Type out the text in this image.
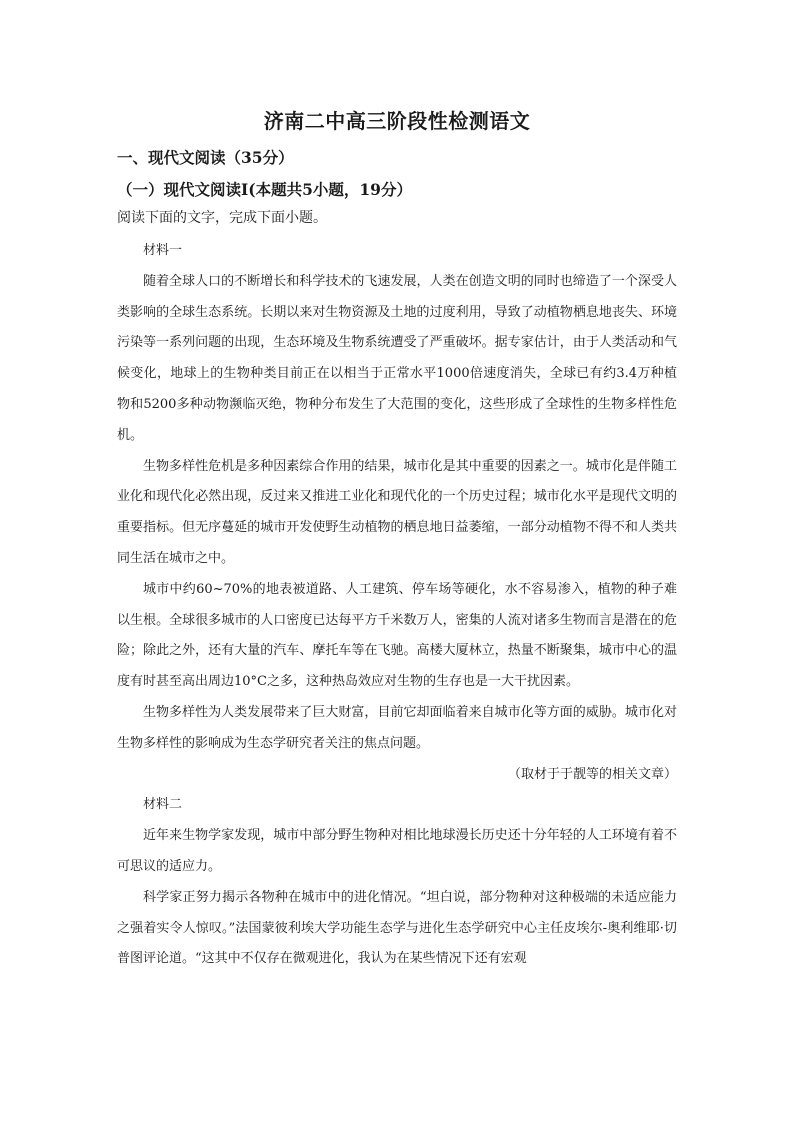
济南二中高三阶段性检测语文
一、现代文阅读（35分）
（一）现代文阅读Ⅰ(本题共5小题，19分）
阅读下面的文字，完成下面小题。

材料一

随着全球人口的不断增长和科学技术的飞速发展，人类在创造文明的同时也缔造了一个深受人类影响的全球生态系统。长期以来对生物资源及土地的过度利用，导致了动植物栖息地丧失、环境污染等一系列问题的出现，生态环境及生物系统遭受了严重破坏。据专家估计，由于人类活动和气候变化，地球上的生物种类目前正在以相当于正常水平1000倍速度消失，全球已有约3.4万种植物和5200多种动物濒临灭绝，物种分布发生了大范围的变化，这些形成了全球性的生物多样性危机。

生物多样性危机是多种因素综合作用的结果，城市化是其中重要的因素之一。城市化是伴随工业化和现代化必然出现，反过来又推进工业化和现代化的一个历史过程；城市化水平是现代文明的重要指标。但无序蔓延的城市开发使野生动植物的栖息地日益萎缩，一部分动植物不得不和人类共同生活在城市之中。

城市中约60~70%的地表被道路、人工建筑、停车场等硬化，水不容易渗入，植物的种子难以生根。全球很多城市的人口密度已达每平方千米数万人，密集的人流对诸多生物而言是潜在的危险；除此之外，还有大量的汽车、摩托车等在飞驰。高楼大厦林立，热量不断聚集，城市中心的温度有时甚至高出周边10°C之多，这种热岛效应对生物的生存也是一大干扰因素。

生物多样性为人类发展带来了巨大财富，目前它却面临着来自城市化等方面的威胁。城市化对生物多样性的影响成为生态学研究者关注的焦点问题。

（取材于于靓等的相关文章）

材料二

近年来生物学家发现，城市中部分野生物种对相比地球漫长历史还十分年轻的人工环境有着不可思议的适应力。

科学家正努力揭示各物种在城市中的进化情况。“坦白说，部分物种对这种极端的未适应能力之强着实令人惊叹。”法国蒙彼利埃大学功能生态学与进化生态学研究中心主任皮埃尔-奥利维耶·切普图评论道。“这其中不仅存在微观进化，我认为在某些情况下还有宏观
